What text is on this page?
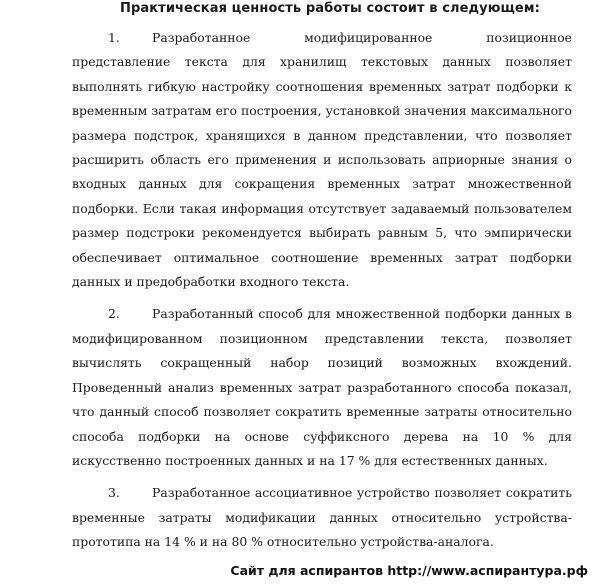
Практическая ценность работы состоит в следующем:

1.	Разработанное модифицированное позиционное представление текста для хранилищ текстовых данных позволяет выполнять гибкую настройку соотношения временных затрат подборки к временным затратам его построения, установкой значения максимального размера подстрок, хранящихся в данном представлении, что позволяет расширить область его применения и использовать априорные знания о входных данных для сокращения временных затрат множественной подборки. Если такая информация отсутствует задаваемый пользователем размер подстроки рекомендуется выбирать равным 5, что эмпирически обеспечивает оптимальное соотношение временных затрат подборки данных и предобработки входного текста.

2.	Разработанный способ для множественной подборки данных в модифицированном позиционном представлении текста, позволяет вычислять сокращенный набор позиций возможных вхождений. Проведенный анализ временных затрат разработанного способа показал, что данный способ позволяет сократить временные затраты относительно способа подборки на основе суффиксного дерева на 10 % для искусственно построенных данных и на 17 % для естественных данных.

3.	Разработанное ассоциативное устройство позволяет сократить временные затраты модификации данных относительно устройства-прототипа на 14 % и на 80 % относительно устройства-аналога.

Сайт для аспирантов http://www.аспирантура.рф
